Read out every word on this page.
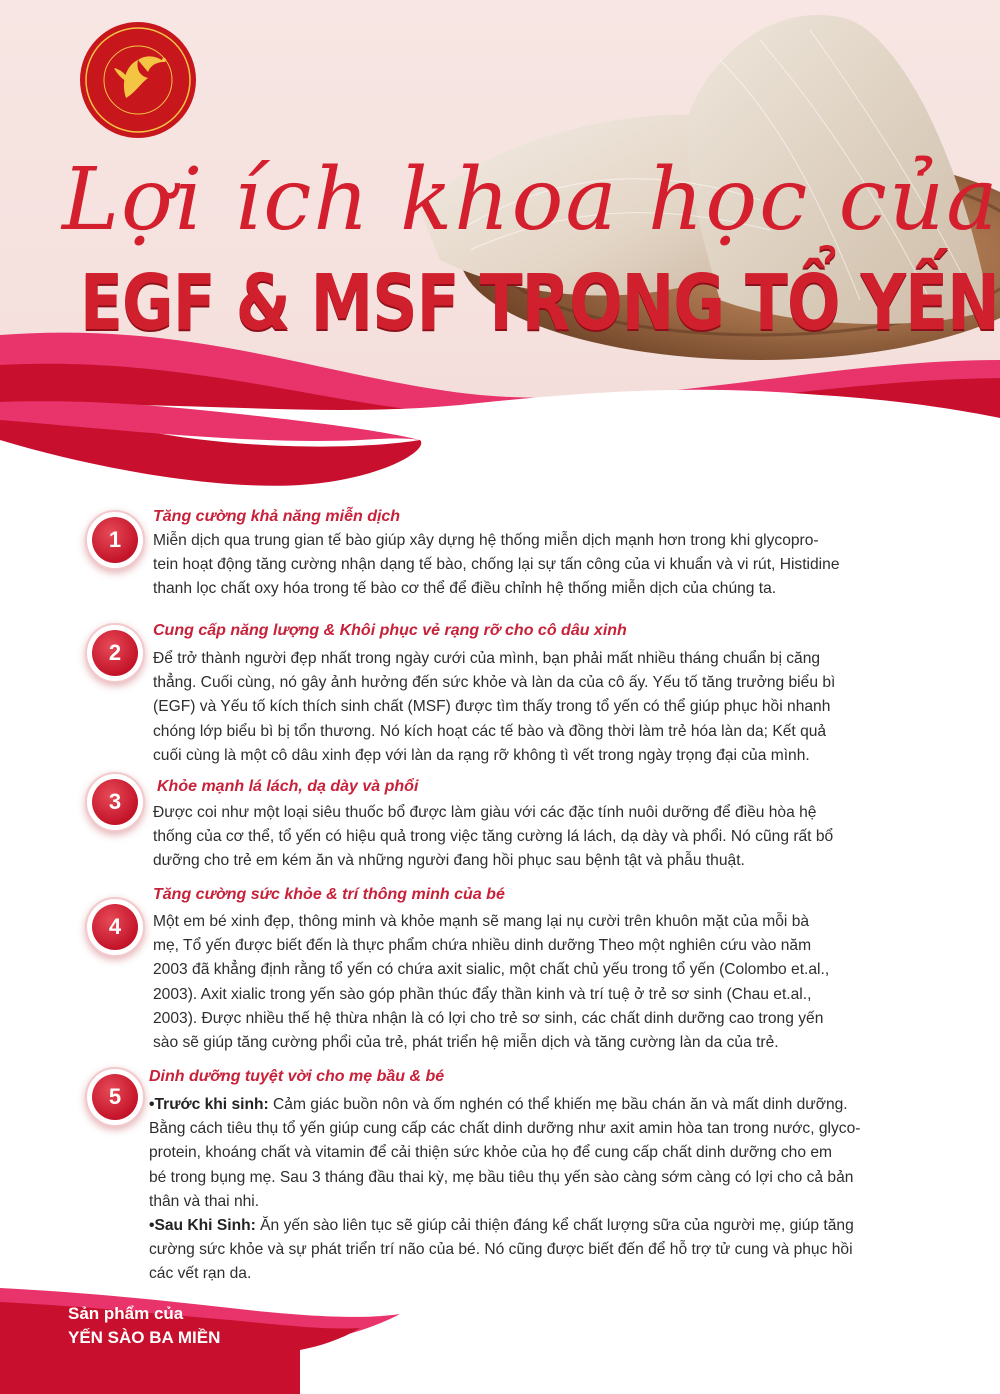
Lợi ích khoa học của
EGF & MSF TRONG TỔ YẾN
1
Tăng cường khả năng miễn dịch
Miễn dịch qua trung gian tế bào giúp xây dựng hệ thống miễn dịch mạnh hơn trong khi glycopro-
tein hoạt động tăng cường nhận dạng tế bào, chống lại sự tấn công của vi khuẩn và vi rút, Histidine
thanh lọc chất oxy hóa trong tế bào cơ thể để điều chỉnh hệ thống miễn dịch của chúng ta.
2
Cung cấp năng lượng & Khôi phục vẻ rạng rỡ cho cô dâu xinh
Để trở thành người đẹp nhất trong ngày cưới của mình, bạn phải mất nhiều tháng chuẩn bị căng
thẳng. Cuối cùng, nó gây ảnh hưởng đến sức khỏe và làn da của cô ấy. Yếu tố tăng trưởng biểu bì
(EGF) và Yếu tố kích thích sinh chất (MSF) được tìm thấy trong tổ yến có thể giúp phục hồi nhanh
chóng lớp biểu bì bị tổn thương. Nó kích hoạt các tế bào và đồng thời làm trẻ hóa làn da; Kết quả
cuối cùng là một cô dâu xinh đẹp với làn da rạng rỡ không tì vết trong ngày trọng đại của mình.
3
Khỏe mạnh lá lách, dạ dày và phổi
Được coi như một loại siêu thuốc bổ được làm giàu với các đặc tính nuôi dưỡng để điều hòa hệ
thống của cơ thể, tổ yến có hiệu quả trong việc tăng cường lá lách, dạ dày và phổi. Nó cũng rất bổ
dưỡng cho trẻ em kém ăn và những người đang hồi phục sau bệnh tật và phẫu thuật.
4
Tăng cường sức khỏe & trí thông minh của bé
Một em bé xinh đẹp, thông minh và khỏe mạnh sẽ mang lại nụ cười trên khuôn mặt của mỗi bà
mẹ, Tổ yến được biết đến là thực phẩm chứa nhiều dinh dưỡng Theo một nghiên cứu vào năm
2003 đã khẳng định rằng tổ yến có chứa axit sialic, một chất chủ yếu trong tổ yến (Colombo et.al.,
2003). Axit xialic trong yến sào góp phần thúc đẩy thần kinh và trí tuệ ở trẻ sơ sinh (Chau et.al.,
2003). Được nhiều thế hệ thừa nhận là có lợi cho trẻ sơ sinh, các chất dinh dưỡng cao trong yến
sào sẽ giúp tăng cường phổi của trẻ, phát triển hệ miễn dịch và tăng cường làn da của trẻ.
5
Dinh dưỡng tuyệt vời cho mẹ bầu & bé
•Trước khi sinh: Cảm giác buồn nôn và ốm nghén có thể khiến mẹ bầu chán ăn và mất dinh dưỡng.
Bằng cách tiêu thụ tổ yến giúp cung cấp các chất dinh dưỡng như axit amin hòa tan trong nước, glyco-
protein, khoáng chất và vitamin để cải thiện sức khỏe của họ để cung cấp chất dinh dưỡng cho em
bé trong bụng mẹ. Sau 3 tháng đầu thai kỳ, mẹ bầu tiêu thụ yến sào càng sớm càng có lợi cho cả bản
thân và thai nhi.
•Sau Khi Sinh: Ăn yến sào liên tục sẽ giúp cải thiện đáng kể chất lượng sữa của người mẹ, giúp tăng
cường sức khỏe và sự phát triển trí não của bé. Nó cũng được biết đến để hỗ trợ tử cung và phục hồi
các vết rạn da.
Sản phẩm của
YẾN SÀO BA MIỀN
